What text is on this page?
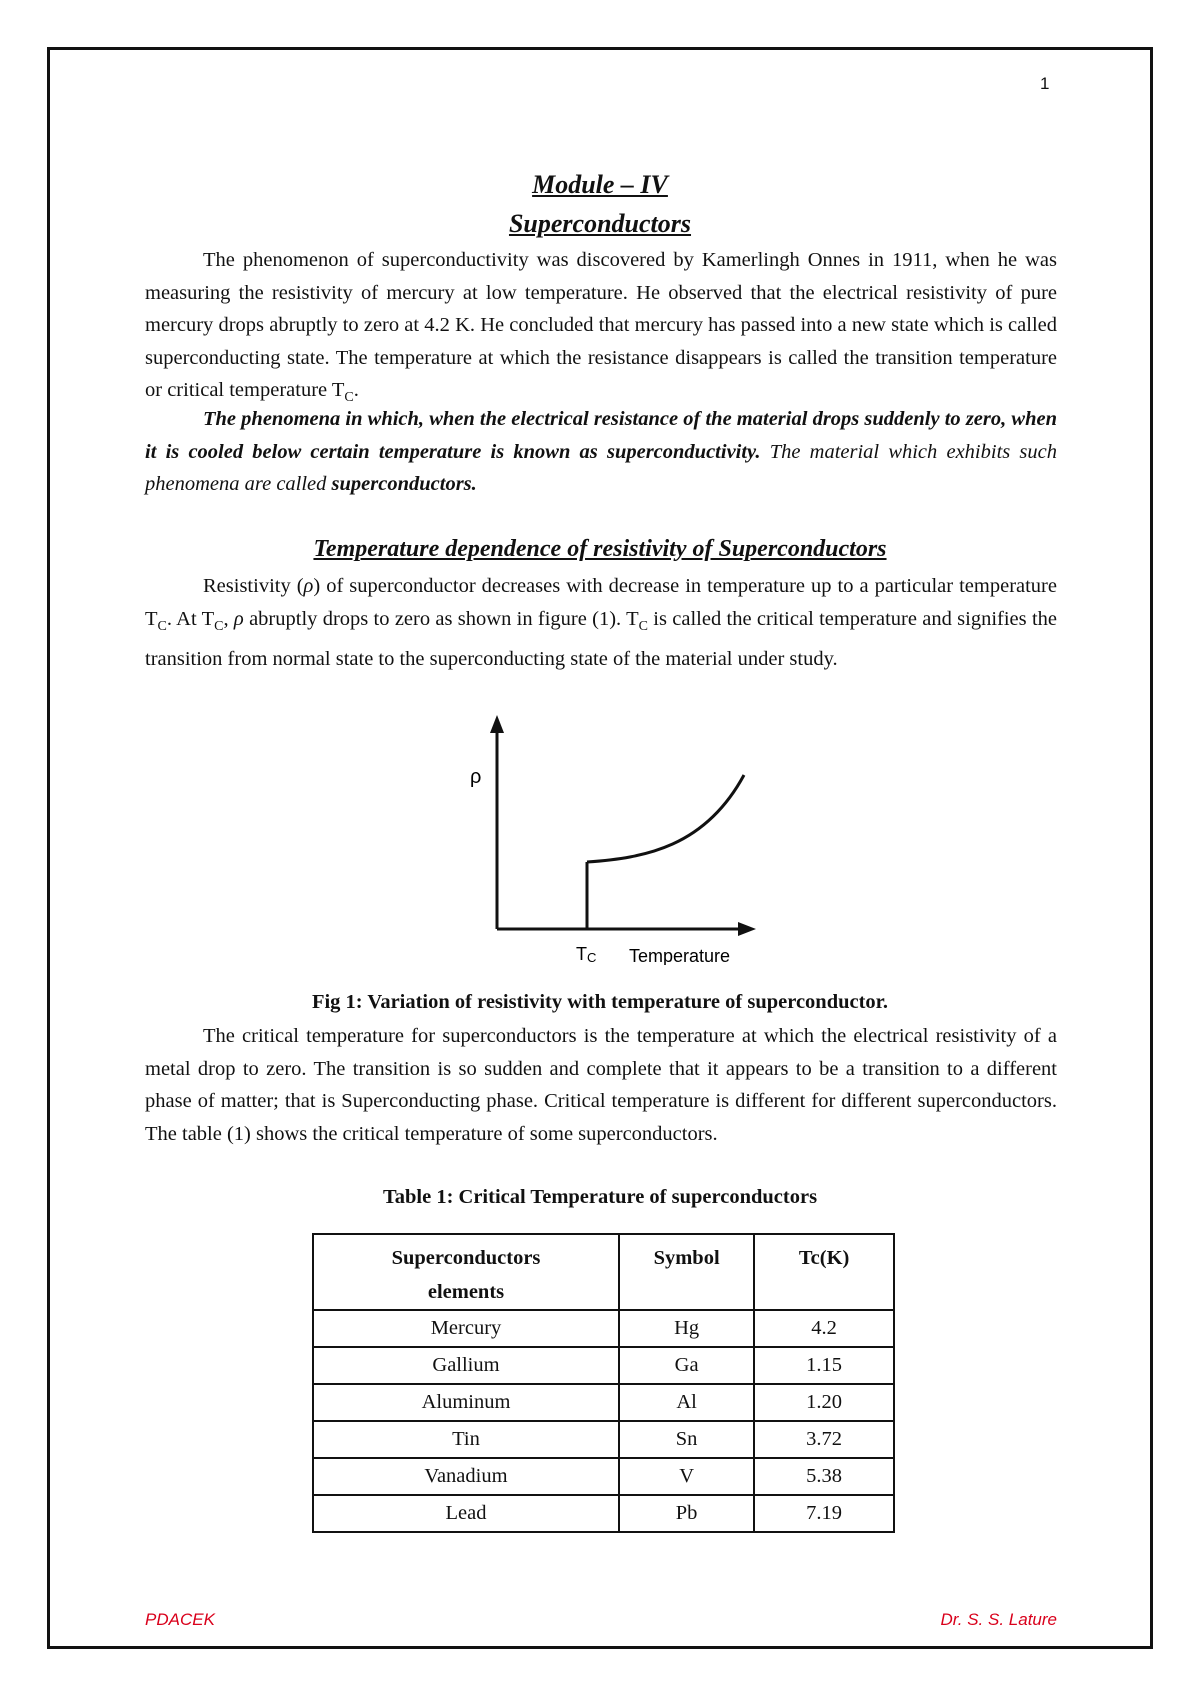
1
Module – IV
Superconductors

The phenomenon of superconductivity was discovered by Kamerlingh Onnes in 1911, when he was measuring the resistivity of mercury at low temperature. He observed that the electrical resistivity of pure mercury drops abruptly to zero at 4.2 K. He concluded that mercury has passed into a new state which is called superconducting state. The temperature at which the resistance disappears is called the transition temperature or critical temperature $T_C$.

The phenomena in which, when the electrical resistance of the material drops suddenly to zero, when it is cooled below certain temperature is known as superconductivity. The material which exhibits such phenomena are called superconductors.

Temperature dependence of resistivity of Superconductors

Resistivity (ρ) of superconductor decreases with decrease in temperature up to a particular temperature $T_C$. At $T_C$, ρ abruptly drops to zero as shown in figure (1). $T_C$ is called the critical temperature and signifies the transition from normal state to the superconducting state of the material under study.

ρ
TC Temperature
Fig 1: Variation of resistivity with temperature of superconductor.

The critical temperature for superconductors is the temperature at which the electrical resistivity of a metal drop to zero. The transition is so sudden and complete that it appears to be a transition to a different phase of matter; that is Superconducting phase. Critical temperature is different for different superconductors. The table (1) shows the critical temperature of some superconductors.

Table 1: Critical Temperature of superconductors
Superconductors
elements	Symbol	Tc(K)
Mercury	Hg	4.2
Gallium	Ga	1.15
Aluminum	Al	1.20
Tin	Sn	3.72
Vanadium	V	5.38
Lead	Pb	7.19
PDACEK	Dr. S. S. Lature
